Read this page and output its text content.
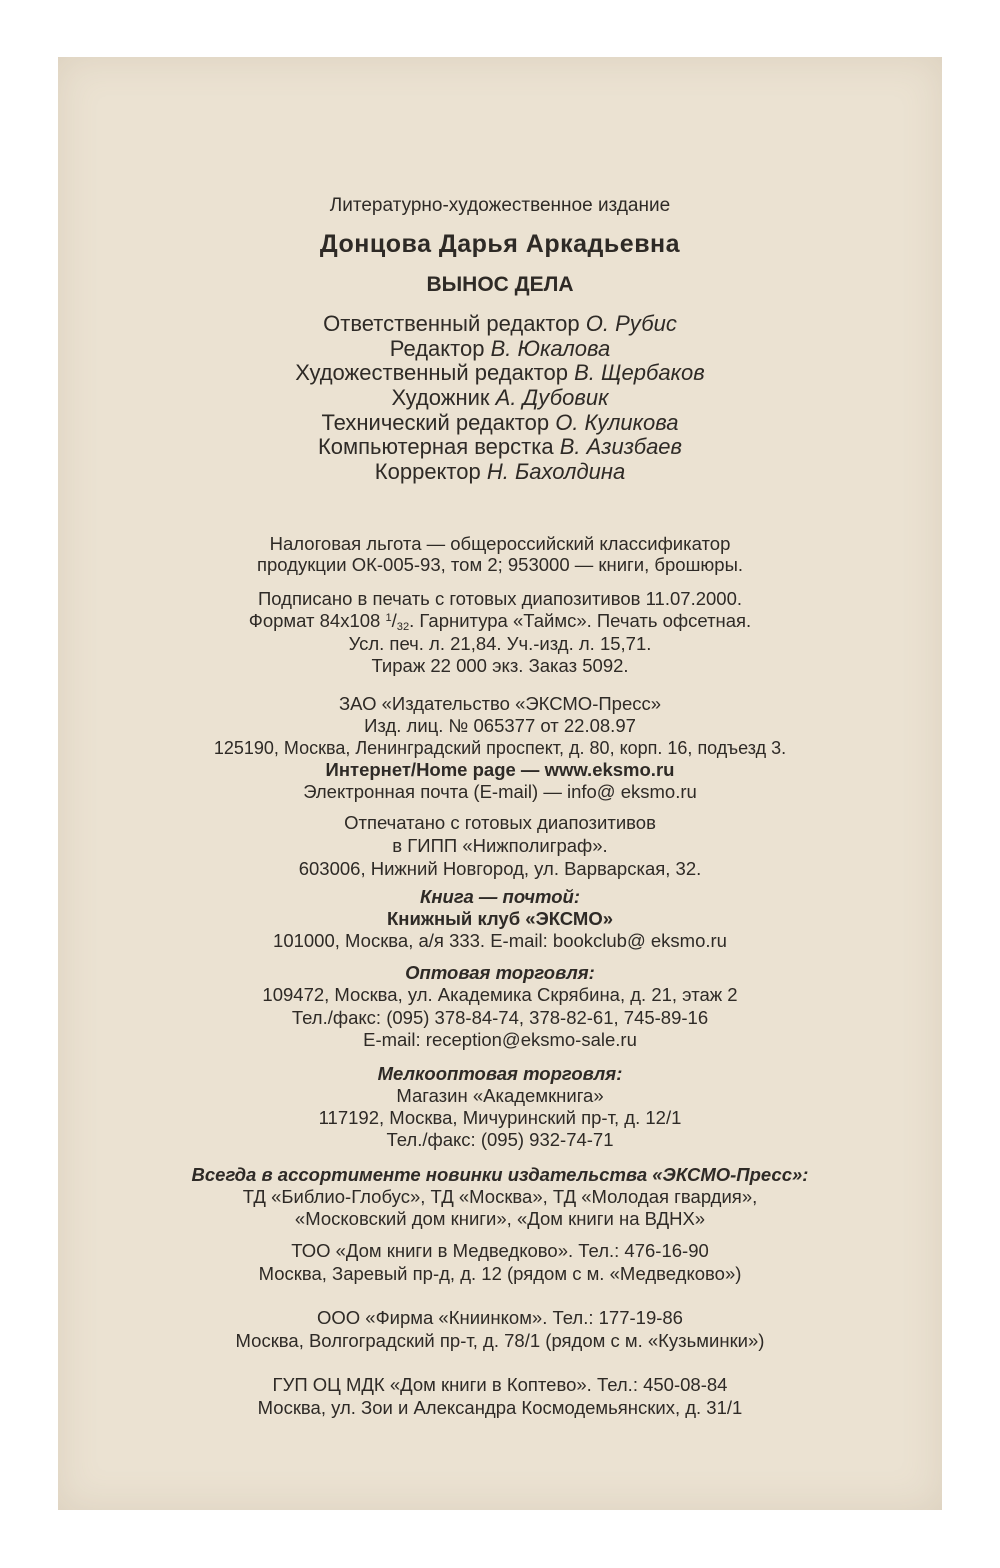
Литературно-художественное издание
Донцова Дарья Аркадьевна
ВЫНОС ДЕЛА
Ответственный редактор О. Рубис
Редактор В. Юкалова
Художественный редактор В. Щербаков
Художник А. Дубовик
Технический редактор О. Куликова
Компьютерная верстка В. Азизбаев
Корректор Н. Бахолдина
Налоговая льгота — общероссийский классификатор
продукции ОК-005-93, том 2; 953000 — книги, брошюры.
Подписано в печать с готовых диапозитивов 11.07.2000.
Формат 84x108 $^1/_{32}$. Гарнитура «Таймс». Печать офсетная.
Усл. печ. л. 21,84. Уч.-изд. л. 15,71.
Тираж 22 000 экз. Заказ 5092.
ЗАО «Издательство «ЭКСМО-Пресс»
Изд. лиц. № 065377 от 22.08.97
125190, Москва, Ленинградский проспект, д. 80, корп. 16, подъезд 3.
Интернет/Home page — www.eksmo.ru
Электронная почта (E-mail) — info@ eksmo.ru
Отпечатано с готовых диапозитивов
в ГИПП «Нижполиграф».
603006, Нижний Новгород, ул. Варварская, 32.
Книга — почтой:
Книжный клуб «ЭКСМО»
101000, Москва, а/я 333. E-mail: bookclub@ eksmo.ru
Оптовая торговля:
109472, Москва, ул. Академика Скрябина, д. 21, этаж 2
Тел./факс: (095) 378-84-74, 378-82-61, 745-89-16
E-mail: reception@eksmo-sale.ru
Мелкооптовая торговля:
Магазин «Академкнига»
117192, Москва, Мичуринский пр-т, д. 12/1
Тел./факс: (095) 932-74-71
Всегда в ассортименте новинки издательства «ЭКСМО-Пресс»:
ТД «Библио-Глобус», ТД «Москва», ТД «Молодая гвардия»,
«Московский дом книги», «Дом книги на ВДНХ»
ТОО «Дом книги в Медведково». Тел.: 476-16-90
Москва, Заревый пр-д, д. 12 (рядом с м. «Медведково»)
ООО «Фирма «Книинком». Тел.: 177-19-86
Москва, Волгоградский пр-т, д. 78/1 (рядом с м. «Кузьминки»)
ГУП ОЦ МДК «Дом книги в Коптево». Тел.: 450-08-84
Москва, ул. Зои и Александра Космодемьянских, д. 31/1
